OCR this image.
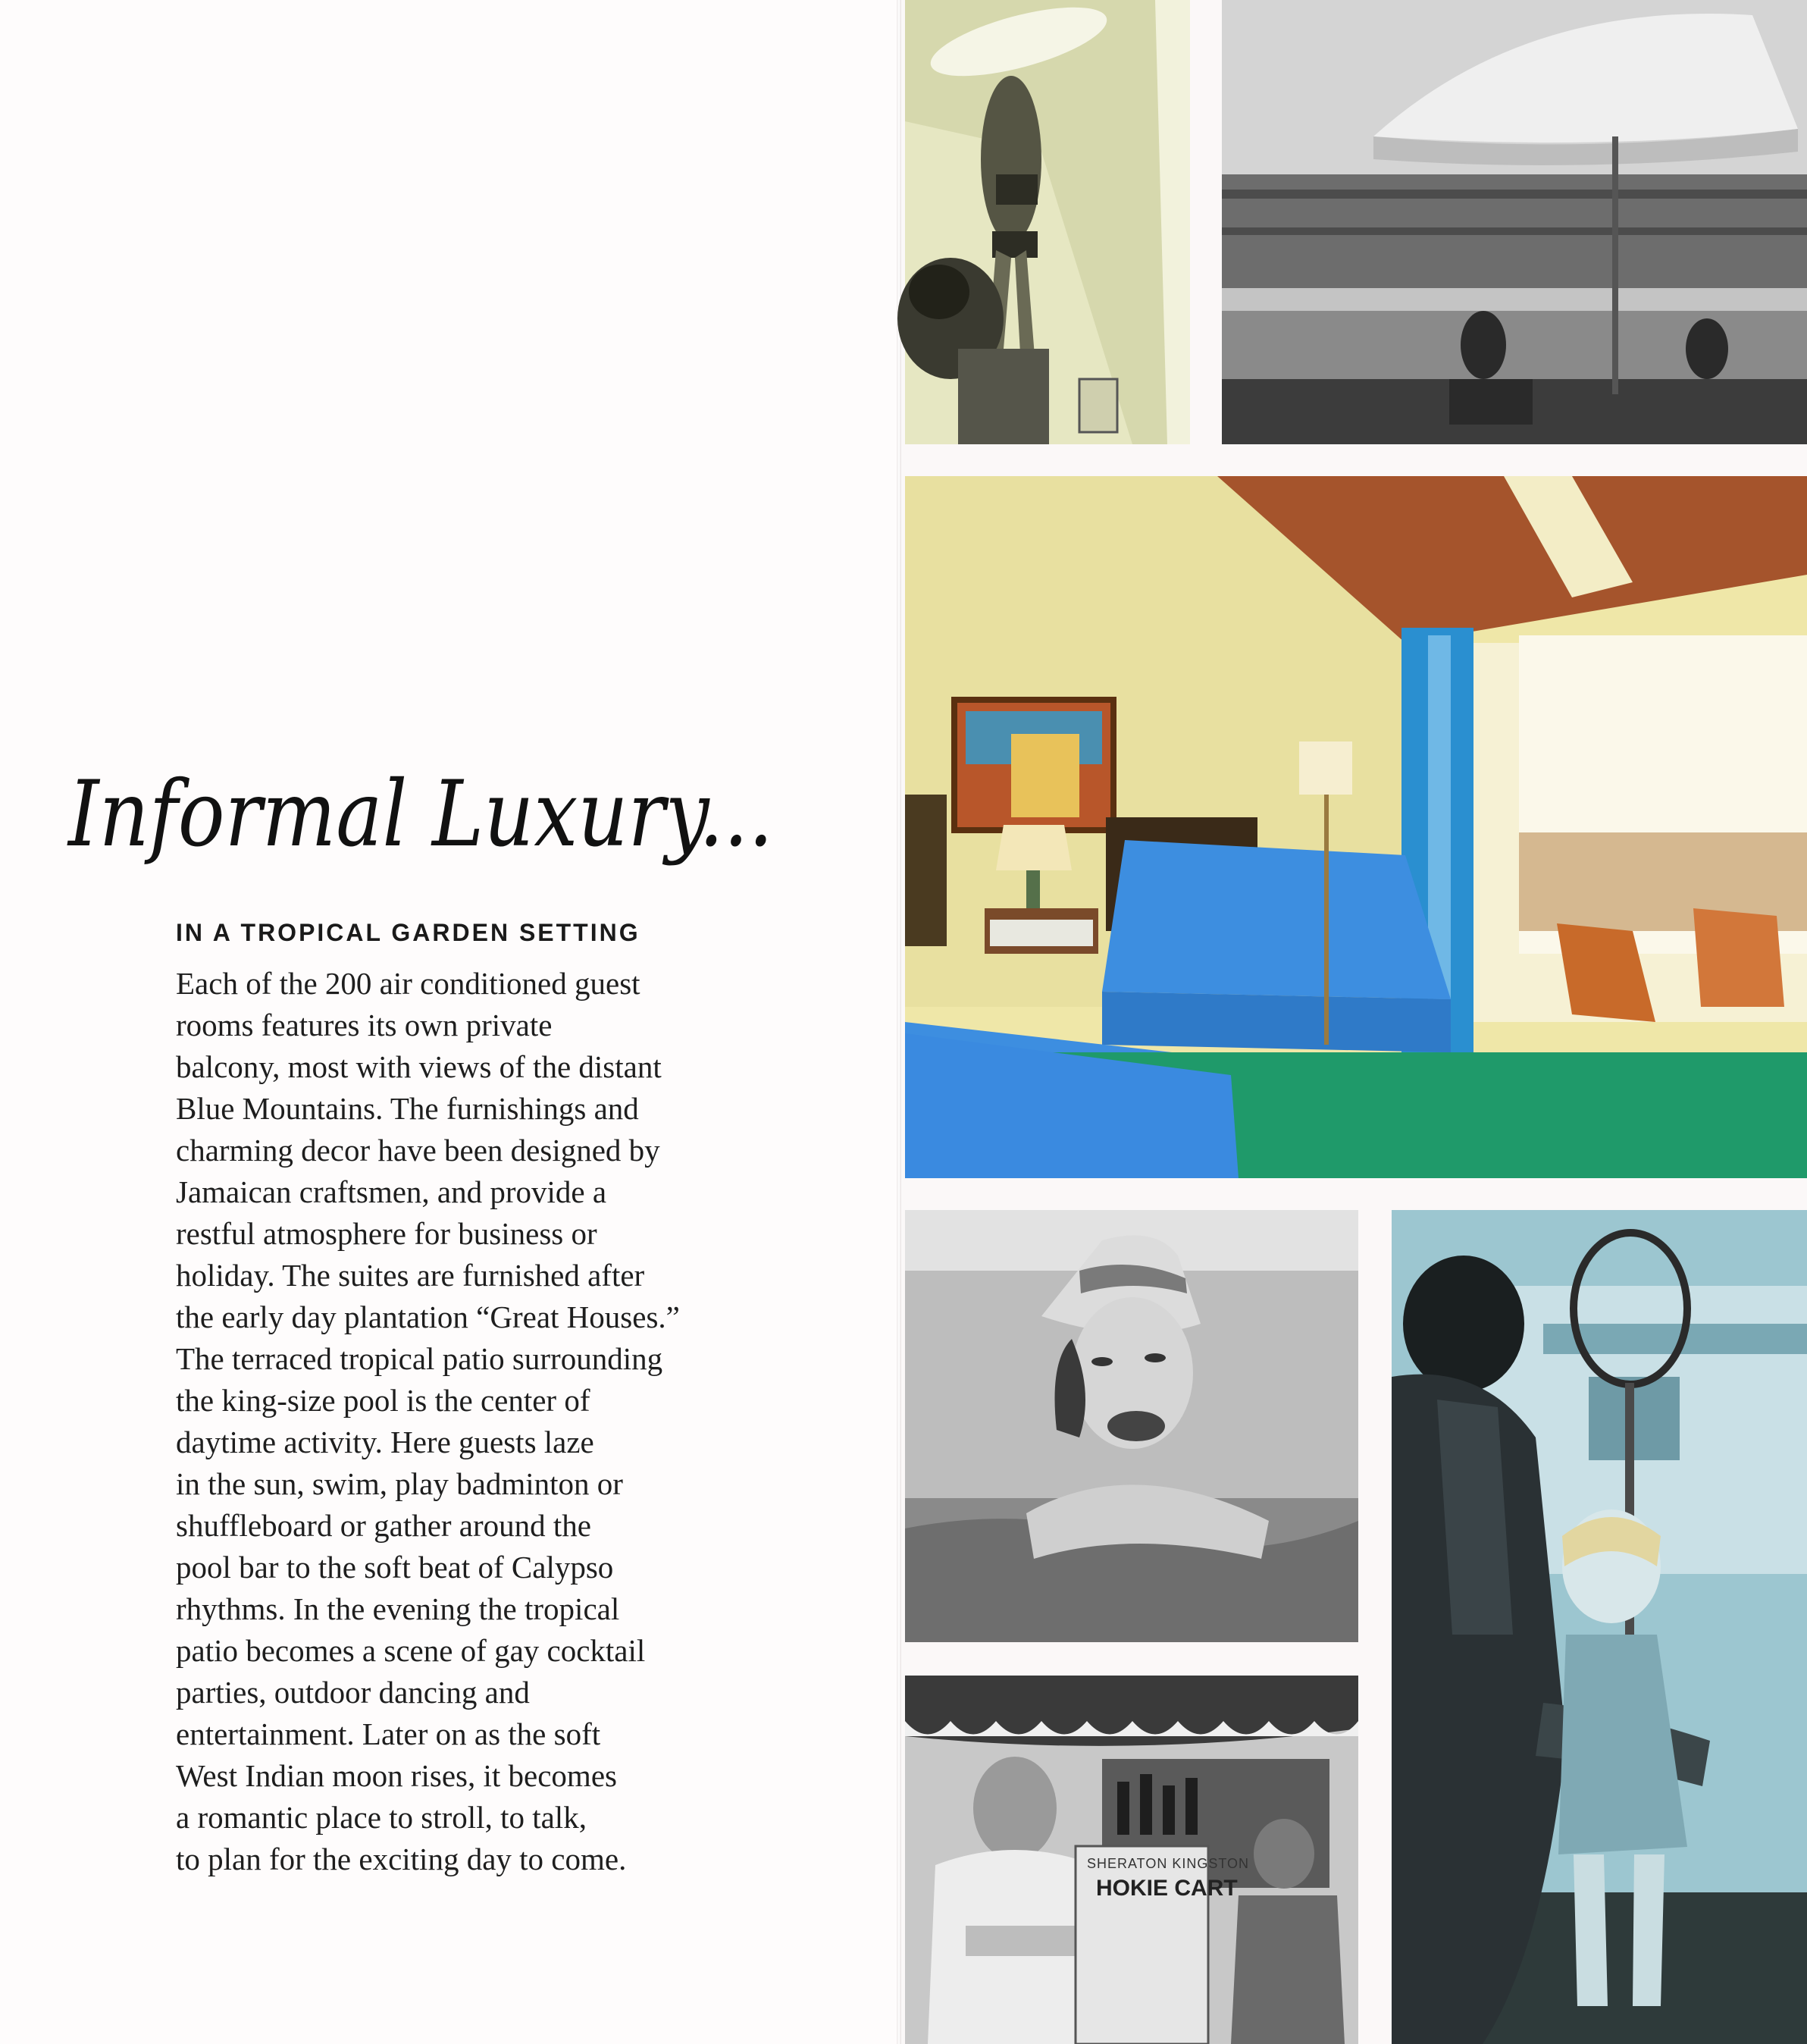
Informal Luxury...
IN A TROPICAL GARDEN SETTING
Each of the 200 air conditioned guest
rooms features its own private
balcony, most with views of the distant
Blue Mountains. The furnishings and
charming decor have been designed by
Jamaican craftsmen, and provide a
restful atmosphere for business or
holiday. The suites are furnished after
the early day plantation “Great Houses.”
The terraced tropical patio surrounding
the king-size pool is the center of
daytime activity. Here guests laze
in the sun, swim, play badminton or
shuffleboard or gather around the
pool bar to the soft beat of Calypso
rhythms. In the evening the tropical
patio becomes a scene of gay cocktail
parties, outdoor dancing and
entertainment. Later on as the soft
West Indian moon rises, it becomes
a romantic place to stroll, to talk,
to plan for the exciting day to come.	SHERATON KINGSTON
HOKIE CART
